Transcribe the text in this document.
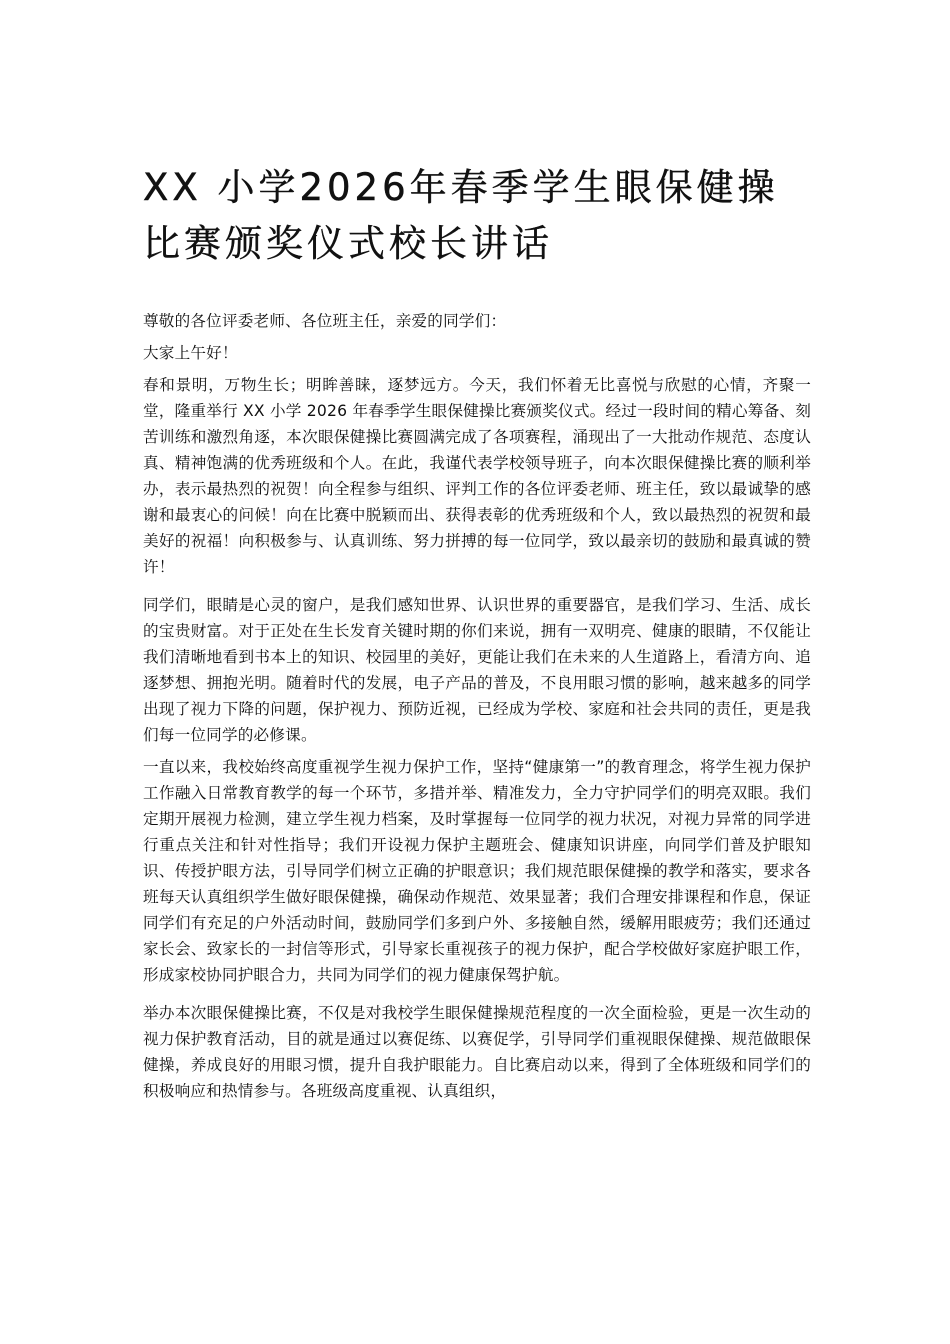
XX 小学2026年春季学生眼保健操 比赛颁奖仪式校长讲话

尊敬的各位评委老师、各位班主任，亲爱的同学们：

大家上午好！

春和景明，万物生长；明眸善睐，逐梦远方。今天，我们怀着无比喜悦与欣慰的心情，齐聚一堂，隆重举行 XX 小学 2026 年春季学生眼保健操比赛颁奖仪式。经过一段时间的精心筹备、刻苦训练和激烈角逐，本次眼保健操比赛圆满完成了各项赛程，涌现出了一大批动作规范、态度认真、精神饱满的优秀班级和个人。在此，我谨代表学校领导班子，向本次眼保健操比赛的顺利举办，表示最热烈的祝贺！向全程参与组织、评判工作的各位评委老师、班主任，致以最诚挚的感谢和最衷心的问候！向在比赛中脱颖而出、获得表彰的优秀班级和个人，致以最热烈的祝贺和最美好的祝福！向积极参与、认真训练、努力拼搏的每一位同学，致以最亲切的鼓励和最真诚的赞许！

同学们，眼睛是心灵的窗户，是我们感知世界、认识世界的重要器官，是我们学习、生活、成长的宝贵财富。对于正处在生长发育关键时期的你们来说，拥有一双明亮、健康的眼睛，不仅能让我们清晰地看到书本上的知识、校园里的美好，更能让我们在未来的人生道路上，看清方向、追逐梦想、拥抱光明。随着时代的发展，电子产品的普及，不良用眼习惯的影响，越来越多的同学出现了视力下降的问题，保护视力、预防近视，已经成为学校、家庭和社会共同的责任，更是我们每一位同学的必修课。

一直以来，我校始终高度重视学生视力保护工作，坚持“健康第一”的教育理念，将学生视力保护工作融入日常教育教学的每一个环节，多措并举、精准发力，全力守护同学们的明亮双眼。我们定期开展视力检测，建立学生视力档案，及时掌握每一位同学的视力状况，对视力异常的同学进行重点关注和针对性指导；我们开设视力保护主题班会、健康知识讲座，向同学们普及护眼知识、传授护眼方法，引导同学们树立正确的护眼意识；我们规范眼保健操的教学和落实，要求各班每天认真组织学生做好眼保健操，确保动作规范、效果显著；我们合理安排课程和作息，保证同学们有充足的户外活动时间，鼓励同学们多到户外、多接触自然，缓解用眼疲劳；我们还通过家长会、致家长的一封信等形式，引导家长重视孩子的视力保护，配合学校做好家庭护眼工作，形成家校协同护眼合力，共同为同学们的视力健康保驾护航。

举办本次眼保健操比赛，不仅是对我校学生眼保健操规范程度的一次全面检验，更是一次生动的视力保护教育活动，目的就是通过以赛促练、以赛促学，引导同学们重视眼保健操、规范做眼保健操，养成良好的用眼习惯，提升自我护眼能力。自比赛启动以来，得到了全体班级和同学们的积极响应和热情参与。各班级高度重视、认真组织，
